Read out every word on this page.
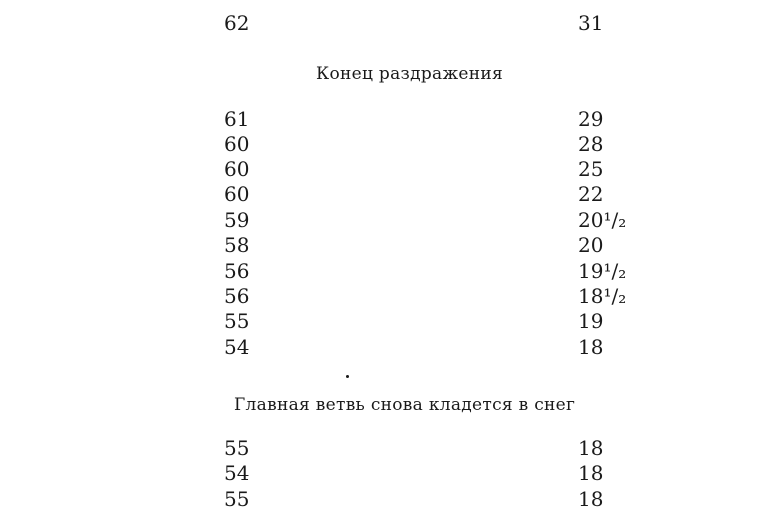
62	31
Конец раздражения
61	29
60	28
60	25
60	22
59	20¹/₂
58	20
56	19¹/₂
56	18¹/₂
55	19
54	18
Главная ветвь снова кладется в снег
55	18
54	18
55	18
